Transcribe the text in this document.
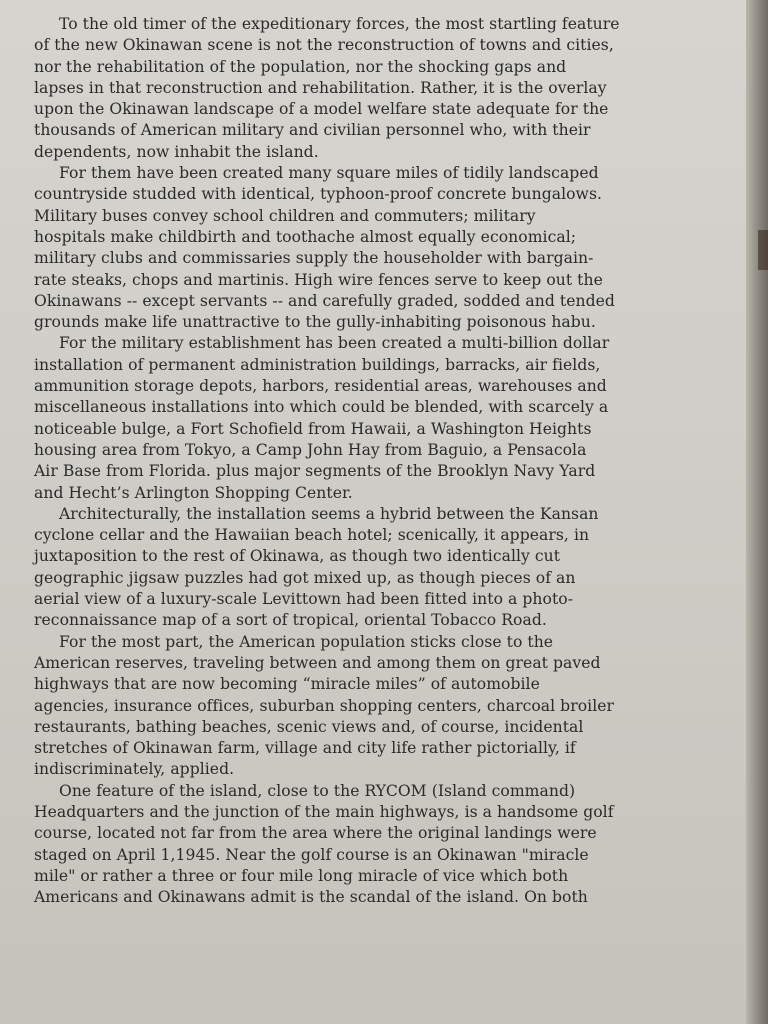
To the old timer of the expeditionary forces, the most startling feature
of the new Okinawan scene is not the reconstruction of towns and cities,
nor the rehabilitation of the population, nor the shocking gaps and
lapses in that reconstruction and rehabilitation. Rather, it is the overlay
upon the Okinawan landscape of a model welfare state adequate for the
thousands of American military and civilian personnel who, with their
dependents, now inhabit the island.

For them have been created many square miles of tidily landscaped
countryside studded with identical, typhoon-proof concrete bungalows.
Military buses convey school children and commuters; military
hospitals make childbirth and toothache almost equally economical;
military clubs and commissaries supply the householder with bargain-
rate steaks, chops and martinis. High wire fences serve to keep out the
Okinawans -- except servants -- and carefully graded, sodded and tended
grounds make life unattractive to the gully-inhabiting poisonous habu.

For the military establishment has been created a multi-billion dollar
installation of permanent administration buildings, barracks, air fields,
ammunition storage depots, harbors, residential areas, warehouses and
miscellaneous installations into which could be blended, with scarcely a
noticeable bulge, a Fort Schofield from Hawaii, a Washington Heights
housing area from Tokyo, a Camp John Hay from Baguio, a Pensacola
Air Base from Florida. plus major segments of the Brooklyn Navy Yard
and Hecht’s Arlington Shopping Center.

Architecturally, the installation seems a hybrid between the Kansan
cyclone cellar and the Hawaiian beach hotel; scenically, it appears, in
juxtaposition to the rest of Okinawa, as though two identically cut
geographic jigsaw puzzles had got mixed up, as though pieces of an
aerial view of a luxury-scale Levittown had been fitted into a photo-
reconnaissance map of a sort of tropical, oriental Tobacco Road.

For the most part, the American population sticks close to the
American reserves, traveling between and among them on great paved
highways that are now becoming “miracle miles” of automobile
agencies, insurance offices, suburban shopping centers, charcoal broiler
restaurants, bathing beaches, scenic views and, of course, incidental
stretches of Okinawan farm, village and city life rather pictorially, if
indiscriminately, applied.

One feature of the island, close to the RYCOM (Island command)
Headquarters and the junction of the main highways, is a handsome golf
course, located not far from the area where the original landings were
staged on April 1,1945. Near the golf course is an Okinawan "miracle
mile" or rather a three or four mile long miracle of vice which both
Americans and Okinawans admit is the scandal of the island. On both
